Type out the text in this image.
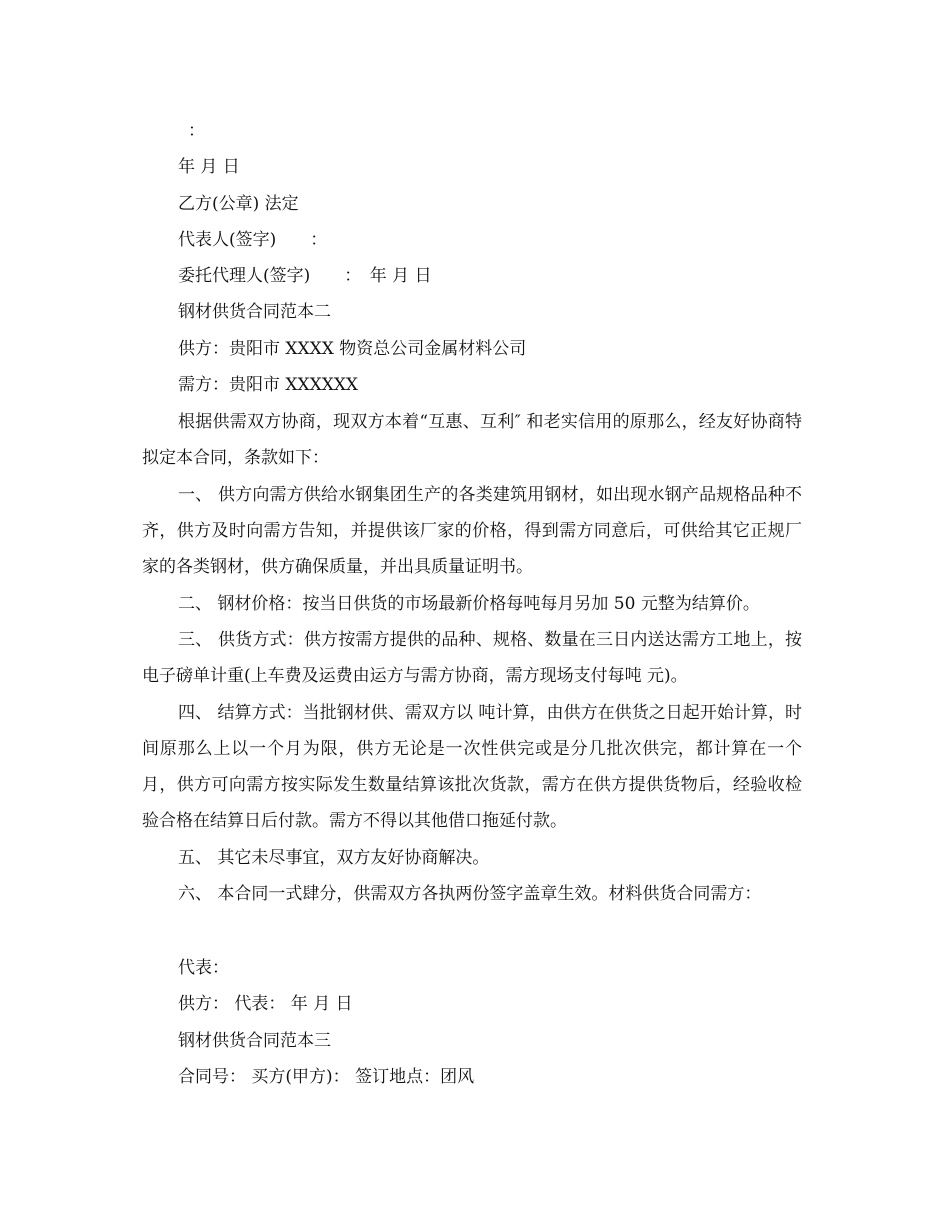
：
年 月 日
乙方(公章) 法定
代表人(签字)　　：
委托代理人(签字)　　：　年 月 日
钢材供货合同范本二
供方：贵阳市 XXXX 物资总公司金属材料公司
需方：贵阳市 XXXXXX
根据供需双方协商，现双方本着“互惠、互利″ 和老实信用的原那么，经友好协商特拟定本合同，条款如下：
一、 供方向需方供给水钢集团生产的各类建筑用钢材，如出现水钢产品规格品种不齐，供方及时向需方告知，并提供该厂家的价格，得到需方同意后，可供给其它正规厂家的各类钢材，供方确保质量，并出具质量证明书。
二、 钢材价格：按当日供货的市场最新价格每吨每月另加 50 元整为结算价。
三、 供货方式：供方按需方提供的品种、规格、数量在三日内送达需方工地上，按电子磅单计重(上车费及运费由运方与需方协商，需方现场支付每吨 元)。
四、 结算方式：当批钢材供、需双方以 吨计算，由供方在供货之日起开始计算，时间原那么上以一个月为限，供方无论是一次性供完或是分几批次供完，都计算在一个月，供方可向需方按实际发生数量结算该批次货款，需方在供方提供货物后，经验收检验合格在结算日后付款。需方不得以其他借口拖延付款。
五、 其它未尽事宜，双方友好协商解决。
六、 本合同一式肆分，供需双方各执两份签字盖章生效。材料供货合同需方：
代表：
供方： 代表： 年 月 日
钢材供货合同范本三
合同号： 买方(甲方)： 签订地点：团风
